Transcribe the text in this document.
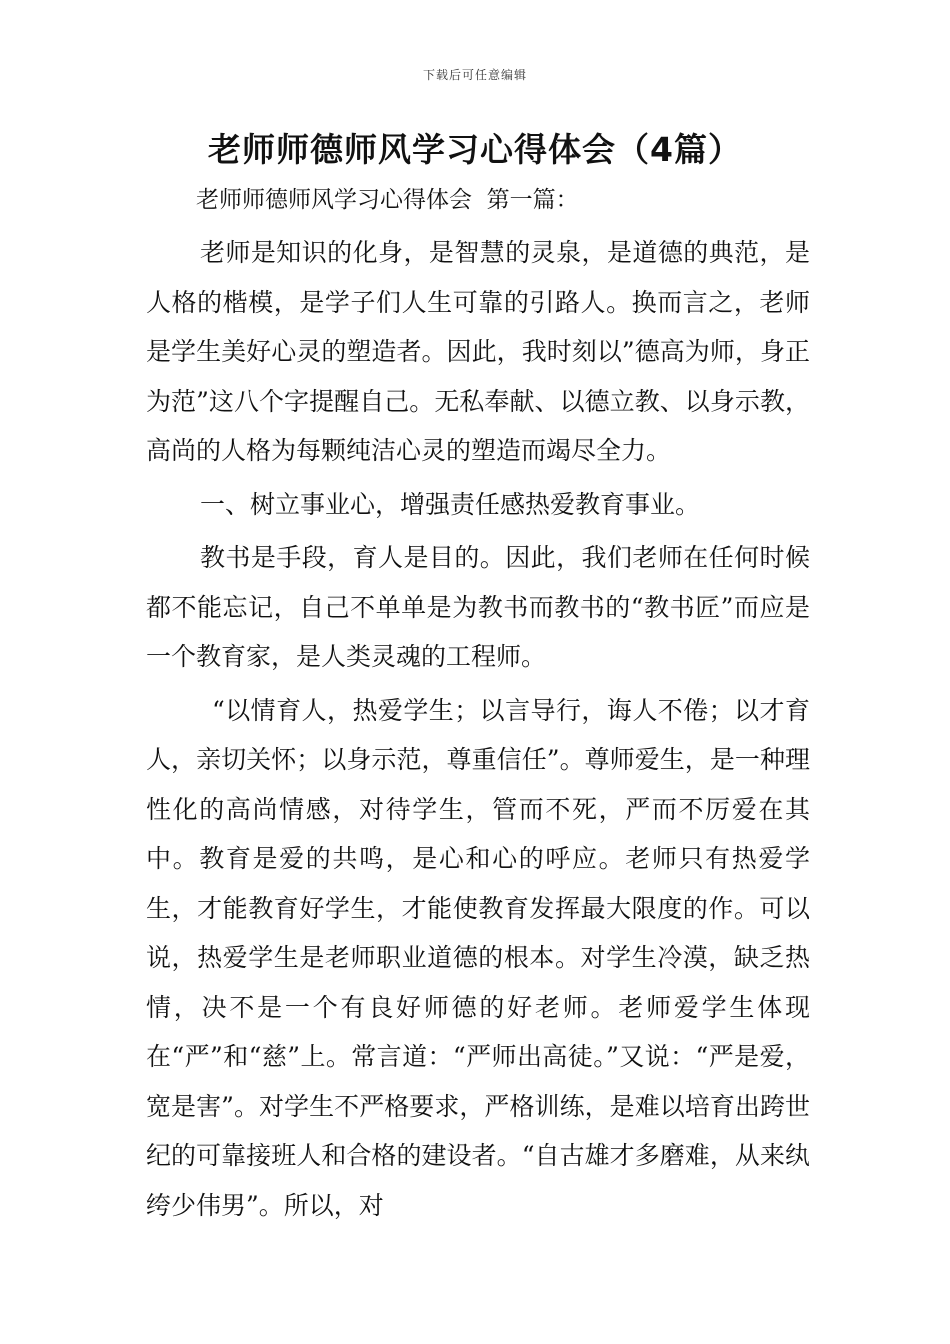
下载后可任意编辑
老师师德师风学习心得体会（4篇）
老师师德师风学习心得体会  第一篇：

老师是知识的化身，是智慧的灵泉，是道德的典范，是人格的楷模，是学子们人生可靠的引路人。换而言之，老师是学生美好心灵的塑造者。因此，我时刻以”德高为师，身正为范”这八个字提醒自己。无私奉献、以德立教、以身示教，高尚的人格为每颗纯洁心灵的塑造而竭尽全力。

一、树立事业心，增强责任感热爱教育事业。

教书是手段，育人是目的。因此，我们老师在任何时候都不能忘记，自己不单单是为教书而教书的“教书匠”而应是一个教育家，是人类灵魂的工程师。

“以情育人，热爱学生；以言导行，诲人不倦；以才育人，亲切关怀；以身示范，尊重信任”。尊师爱生，是一种理性化的高尚情感，对待学生，管而不死，严而不厉爱在其中。教育是爱的共鸣，是心和心的呼应。老师只有热爱学生，才能教育好学生，才能使教育发挥最大限度的作。可以说，热爱学生是老师职业道德的根本。对学生冷漠，缺乏热情，决不是一个有良好师德的好老师。老师爱学生体现在“严”和“慈”上。常言道：“严师出高徒。”又说：“严是爱，宽是害”。对学生不严格要求，严格训练，是难以培育出跨世纪的可靠接班人和合格的建设者。“自古雄才多磨难，从来纨绔少伟男”。所以，对
